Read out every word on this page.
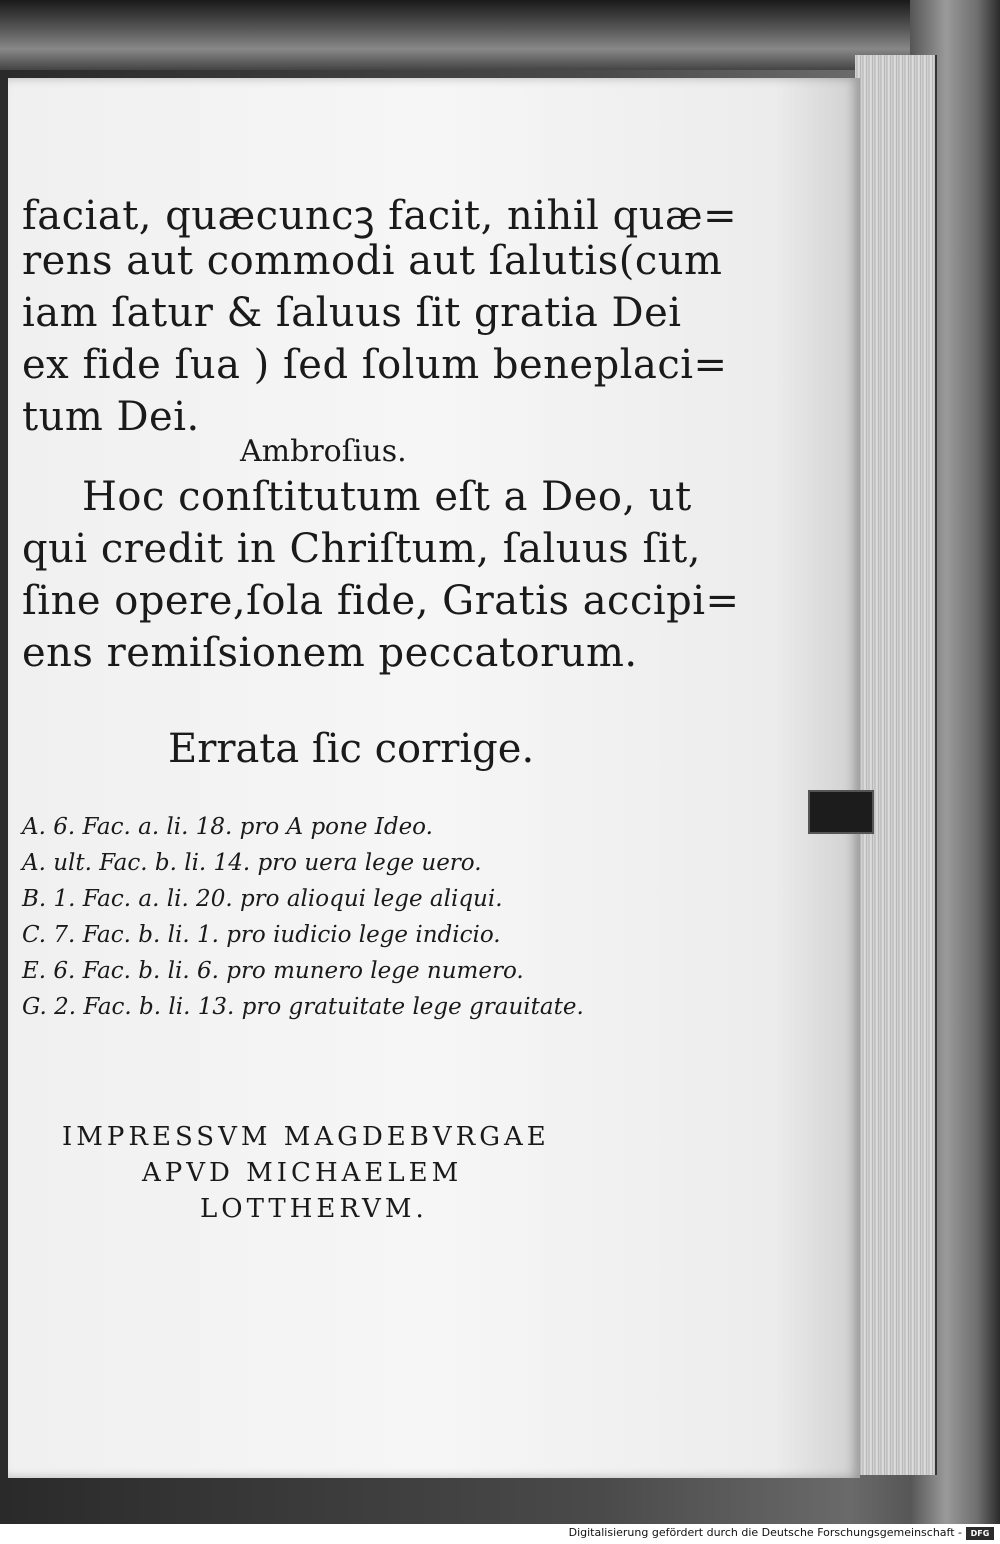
faciat, quæcuncꝫ facit, nihil quæ=
rens aut commodi aut ſalutis(cum
iam ſatur & ſaluus ſit gratia Dei
ex fide ſua ) ſed ſolum beneplaci=
tum Dei.
Ambroſius.
Hoc conſtitutum eſt a Deo, ut
qui credit in Chriſtum, ſaluus ſit,
ſine opere,ſola fide, Gratis accipi=
ens remiſsionem peccatorum.
Errata ſic corrige.
A. 6. Fac. a. li. 18. pro A pone Ideo.
A. ult. Fac. b. li. 14. pro uera lege uero.
B. 1. Fac. a. li. 20. pro alioqui lege aliqui.
C. 7. Fac. b. li. 1. pro iudicio lege indicio.
E. 6. Fac. b. li. 6. pro munero lege numero.
G. 2. Fac. b. li. 13. pro gratuitate lege grauitate.
IMPRESSVM MAGDEBVRGAE
APVD MICHAELEM
LOTTHERVM.
Digitalisierung gefördert durch die Deutsche Forschungsgemeinschaft -	DFG
